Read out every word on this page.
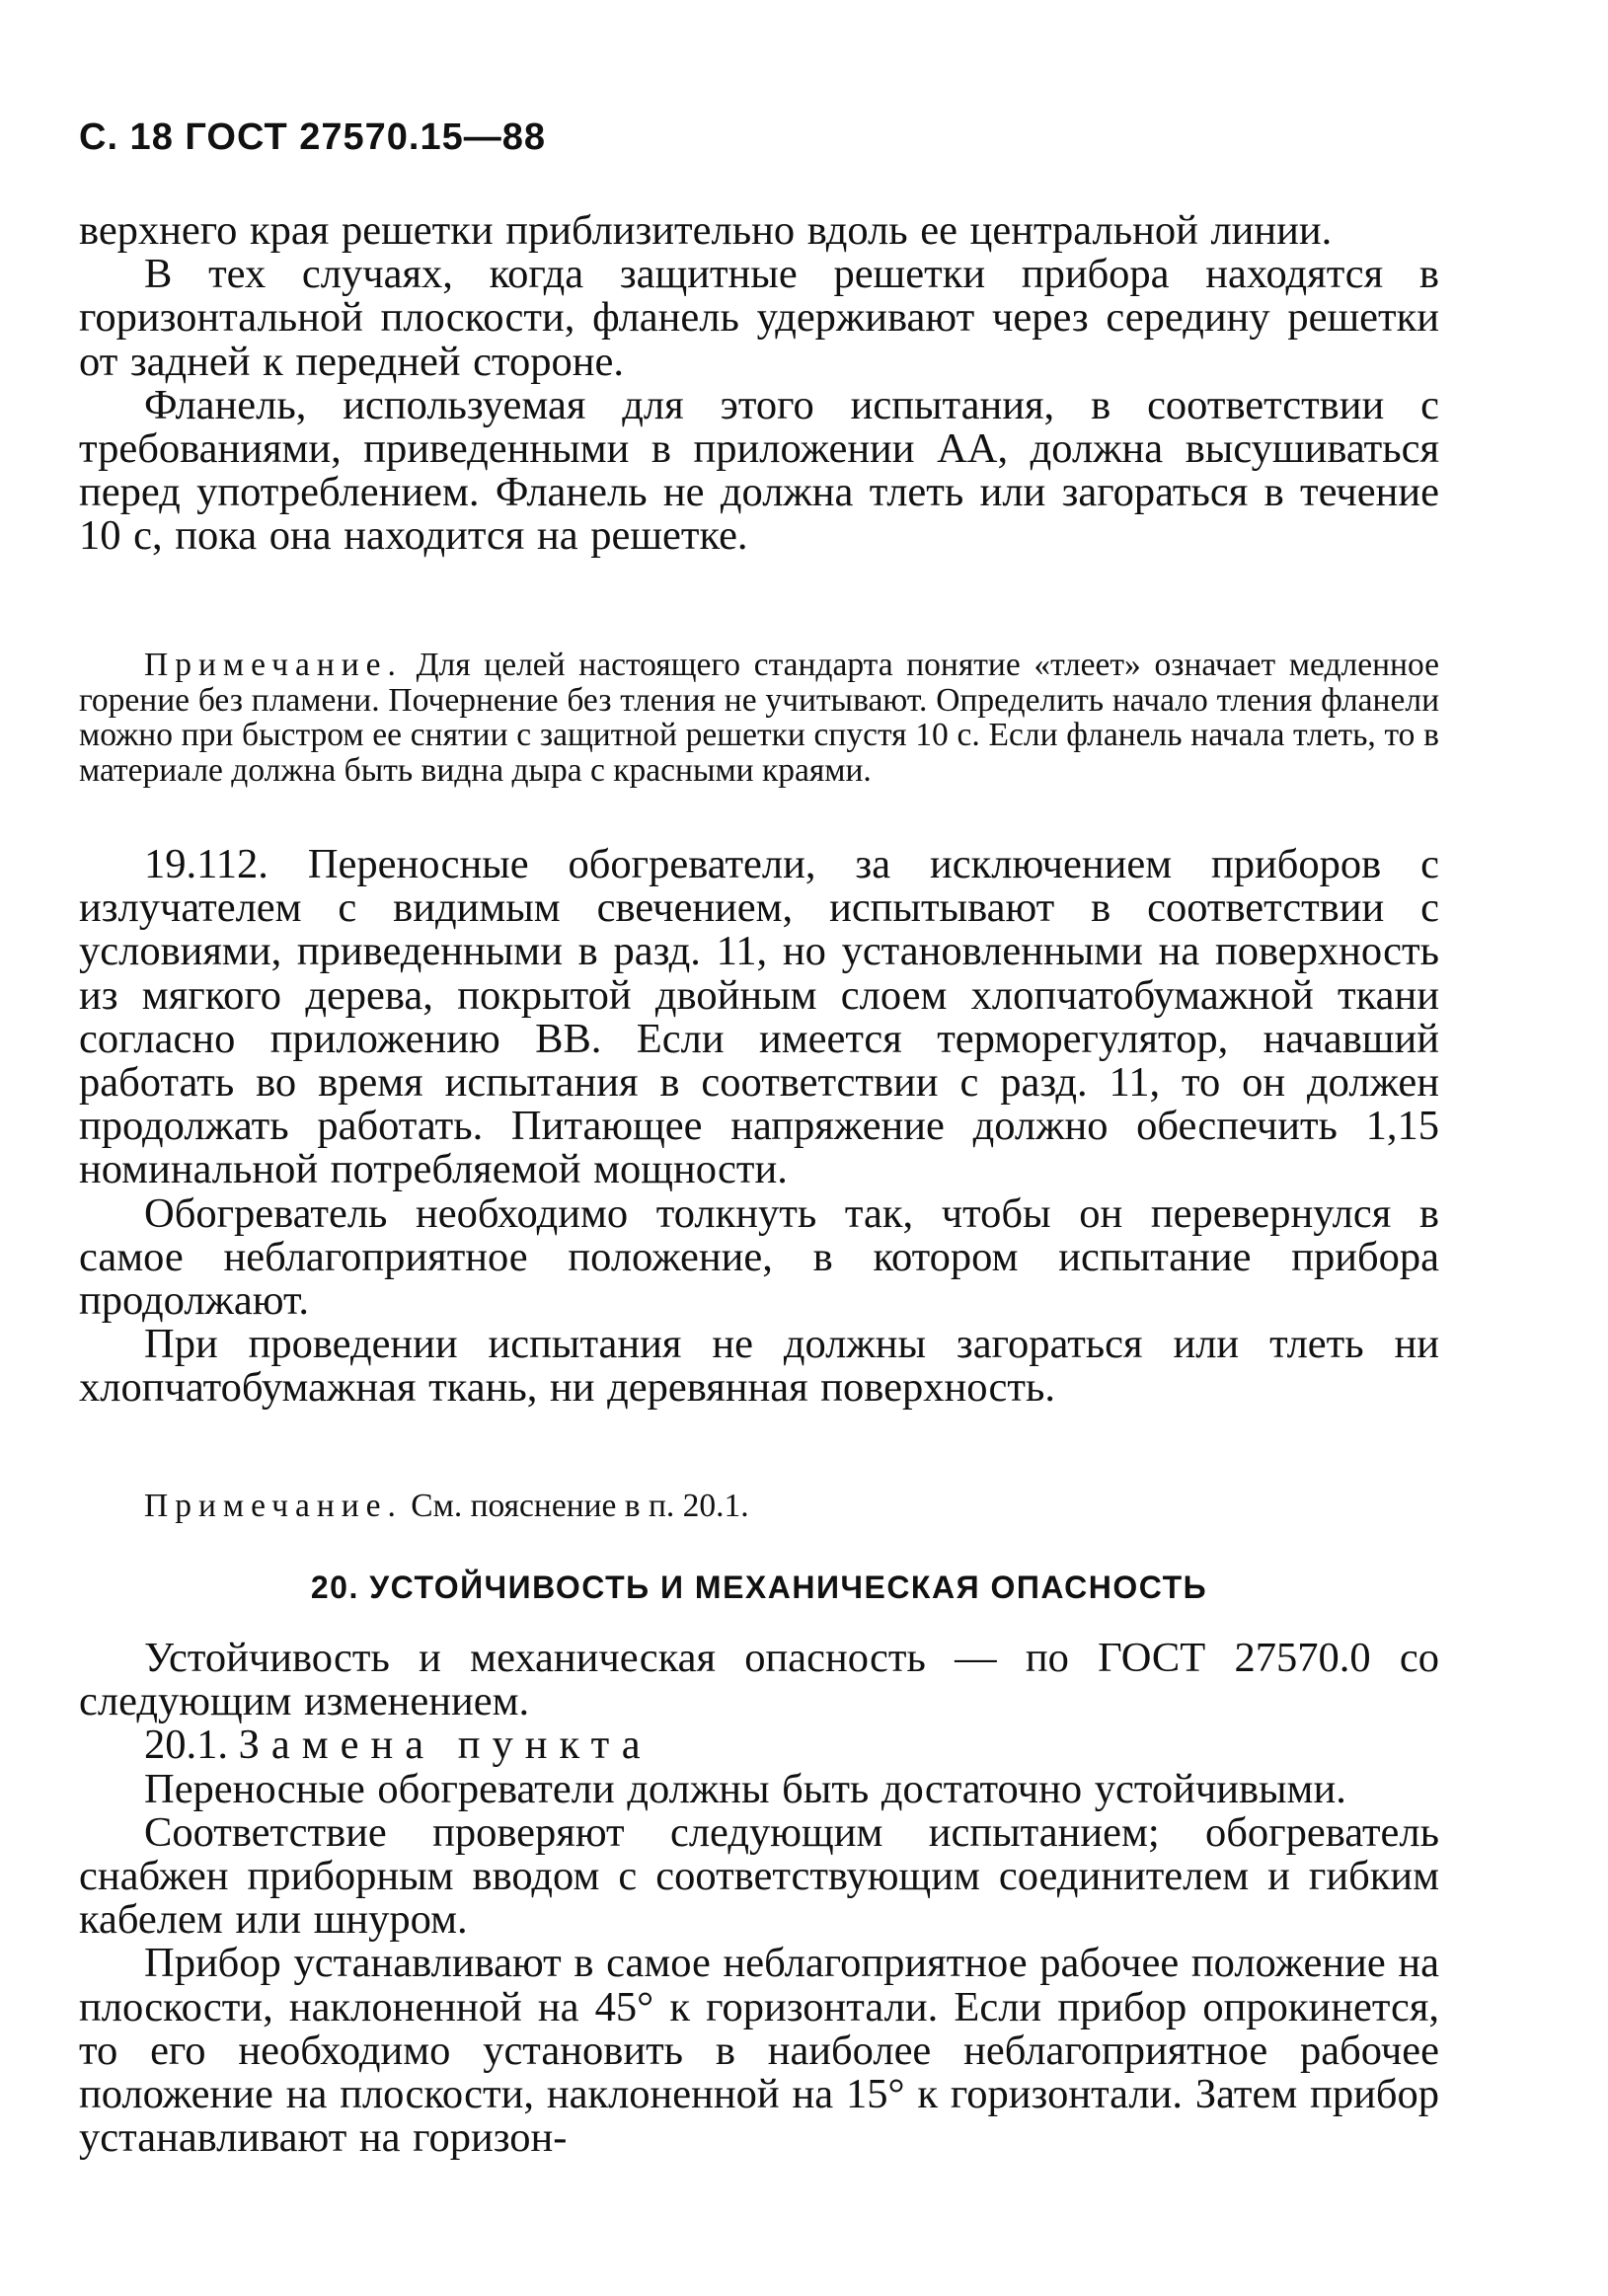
С. 18 ГОСТ 27570.15—88

верхнего края решетки приблизительно вдоль ее центральной линии.

В тех случаях, когда защитные решетки прибора находятся в горизонтальной плоскости, фланель удерживают через середину решетки от задней к передней стороне.

Фланель, используемая для этого испытания, в соответствии с требованиями, приведенными в приложении АА, должна высушиваться перед употреблением. Фланель не должна тлеть или загораться в течение 10 с, пока она находится на решетке.

Примечание. Для целей настоящего стандарта понятие «тлеет» означает медленное горение без пламени. Почернение без тления не учитывают. Определить начало тления фланели можно при быстром ее снятии с защитной решетки спустя 10 с. Если фланель начала тлеть, то в материале должна быть видна дыра с красными краями.

19.112. Переносные обогреватели, за исключением приборов с излучателем с видимым свечением, испытывают в соответствии с условиями, приведенными в разд. 11, но установленными на поверхность из мягкого дерева, покрытой двойным слоем хлопчатобумажной ткани согласно приложению ВВ. Если имеется терморегулятор, начавший работать во время испытания в соответствии с разд. 11, то он должен продолжать работать. Питающее напряжение должно обеспечить 1,15 номинальной потребляемой мощности.

Обогреватель необходимо толкнуть так, чтобы он перевернулся в самое неблагоприятное положение, в котором испытание прибора продолжают.

При проведении испытания не должны загораться или тлеть ни хлопчатобумажная ткань, ни деревянная поверхность.

Примечание. См. пояснение в п. 20.1.

20. УСТОЙЧИВОСТЬ И МЕХАНИЧЕСКАЯ ОПАСНОСТЬ

Устойчивость и механическая опасность — по ГОСТ 27570.0 со следующим изменением.

20.1. Замена пункта

Переносные обогреватели должны быть достаточно устойчивыми.

Соответствие проверяют следующим испытанием; обогреватель снабжен приборным вводом с соответствующим соединителем и гибким кабелем или шнуром.

Прибор устанавливают в самое неблагоприятное рабочее положение на плоскости, наклоненной на 45° к горизонтали. Если прибор опрокинется, то его необходимо установить в наиболее неблагоприятное рабочее положение на плоскости, наклоненной на 15° к горизонтали. Затем прибор устанавливают на горизон-
